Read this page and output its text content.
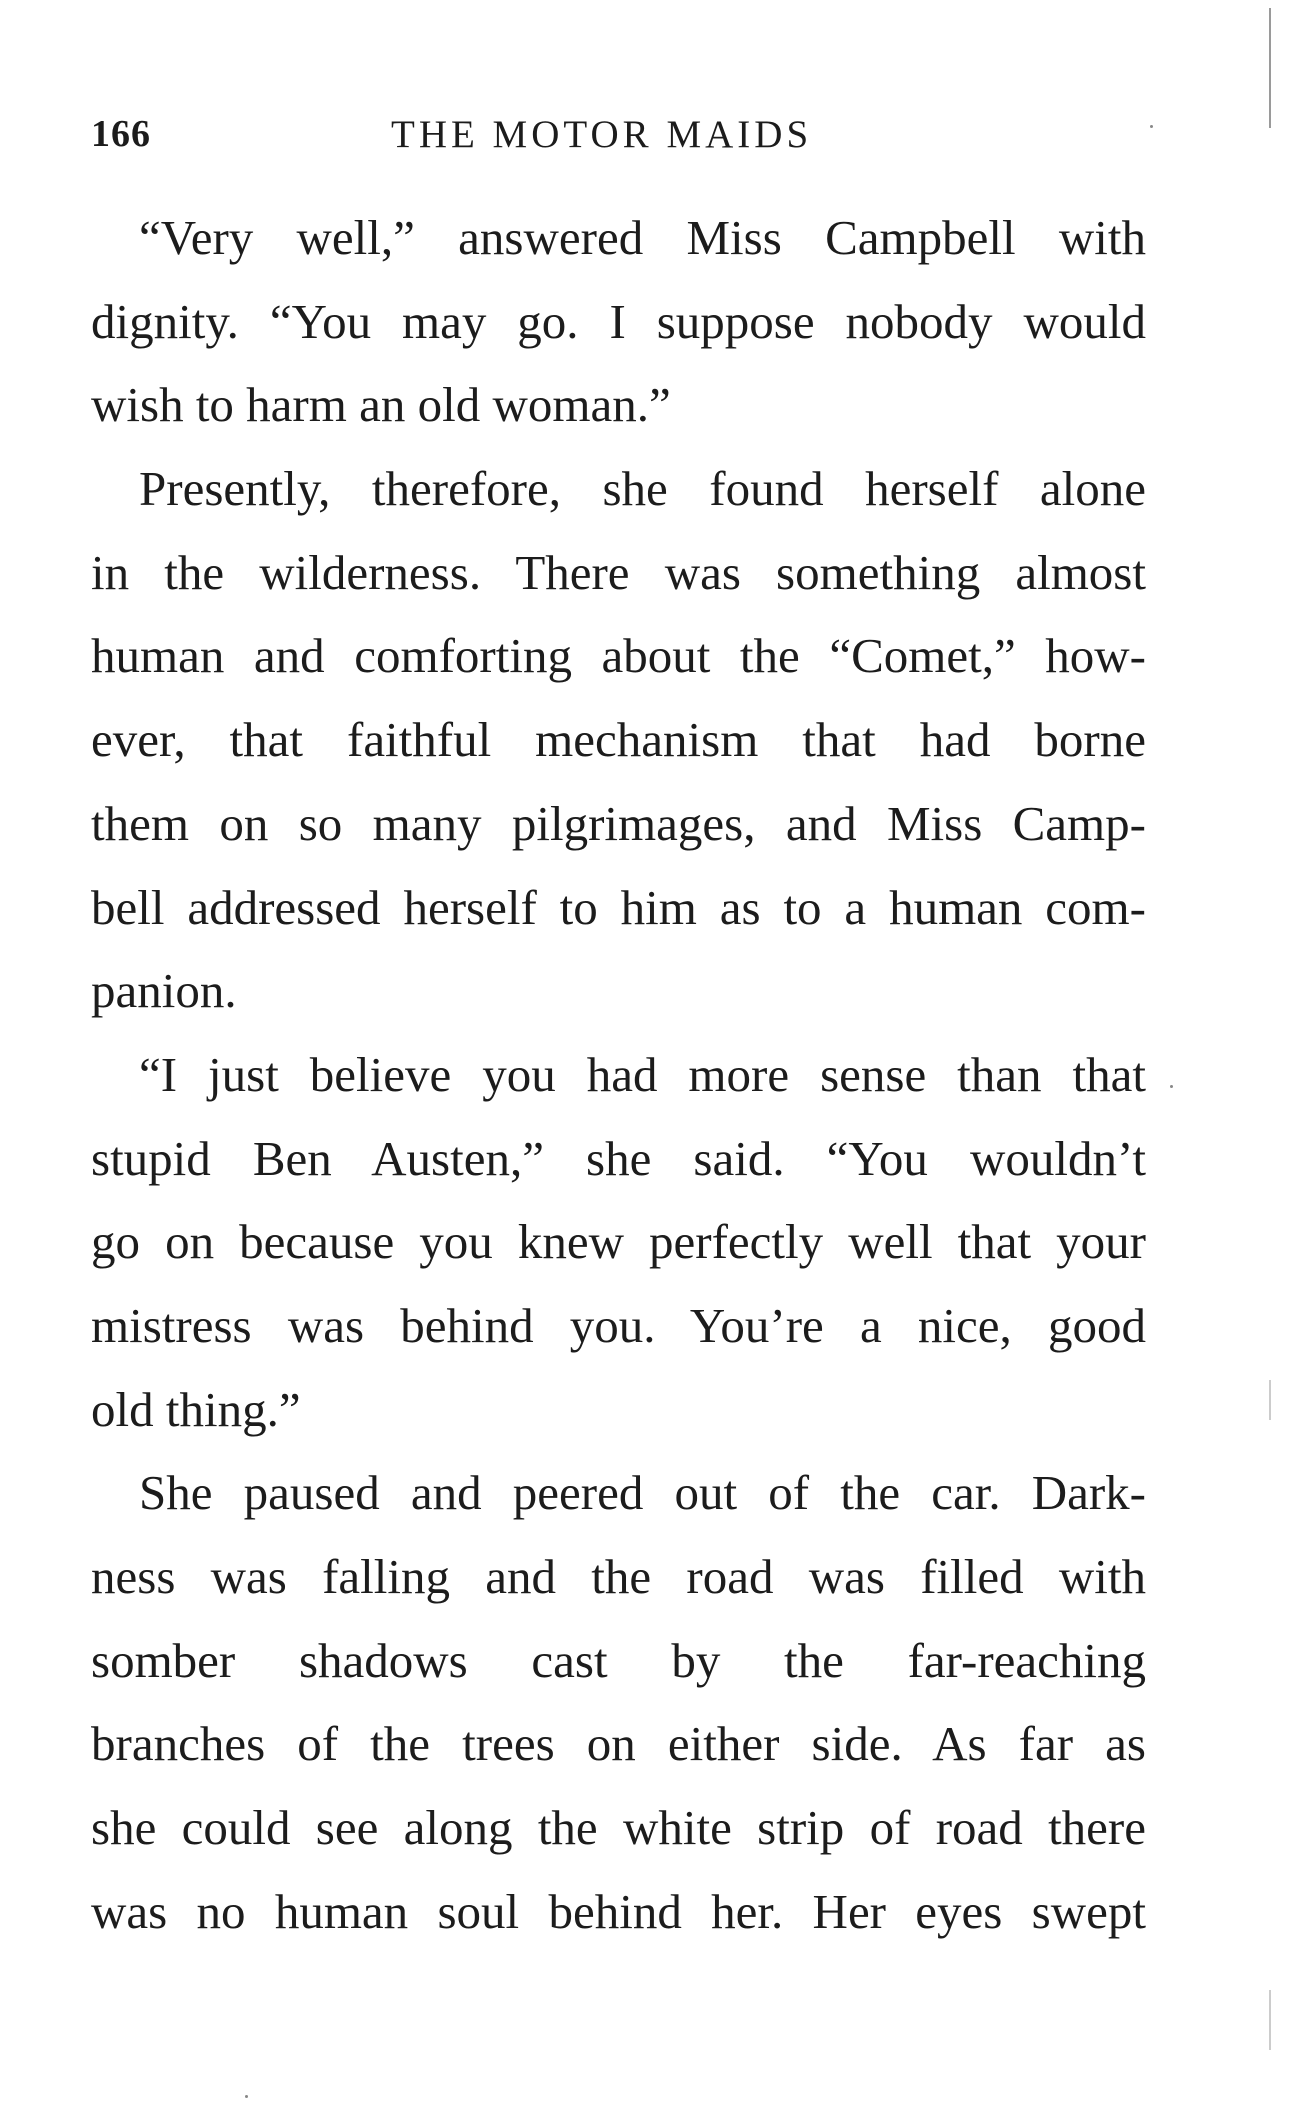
166	THE MOTOR MAIDS
“Very well,” answered Miss Campbell with
dignity. “You may go. I suppose nobody would
wish to harm an old woman.”
Presently, therefore, she found herself alone
in the wilderness. There was something almost
human and comforting about the “Comet,” how-
ever, that faithful mechanism that had borne
them on so many pilgrimages, and Miss Camp-
bell addressed herself to him as to a human com-
panion.
“I just believe you had more sense than that
stupid Ben Austen,” she said. “You wouldn’t
go on because you knew perfectly well that your
mistress was behind you. You’re a nice, good
old thing.”
She paused and peered out of the car. Dark-
ness was falling and the road was filled with
somber shadows cast by the far-reaching
branches of the trees on either side. As far as
she could see along the white strip of road there
was no human soul behind her. Her eyes swept
